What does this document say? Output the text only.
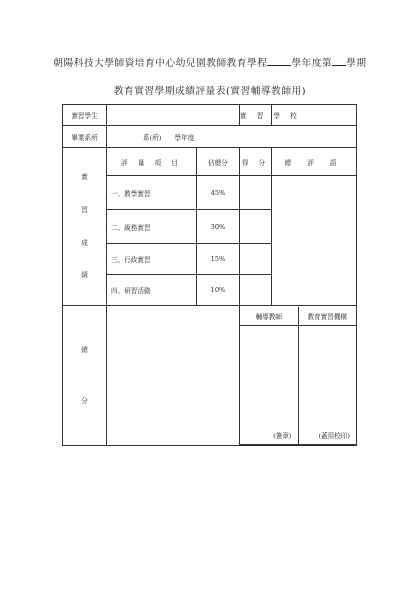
朝陽科技大學師資培育中心幼兒園教師教育學程	學年度第 學期
教育實習學期成績評量表(實習輔導教師用)
實習學生		實 習 學 校	
畢業系所	系(所)　　學年度

實
習
成
績
	評 量 項 目	佔總分	得 分	總 評 語
一、教學實習	45%		
二、級務實習	30%	
三、行政實習	15%	
四、研習活動	10%	

總
分

輔導教師	教育實習機構

(簽章)	(蓋用校印)
